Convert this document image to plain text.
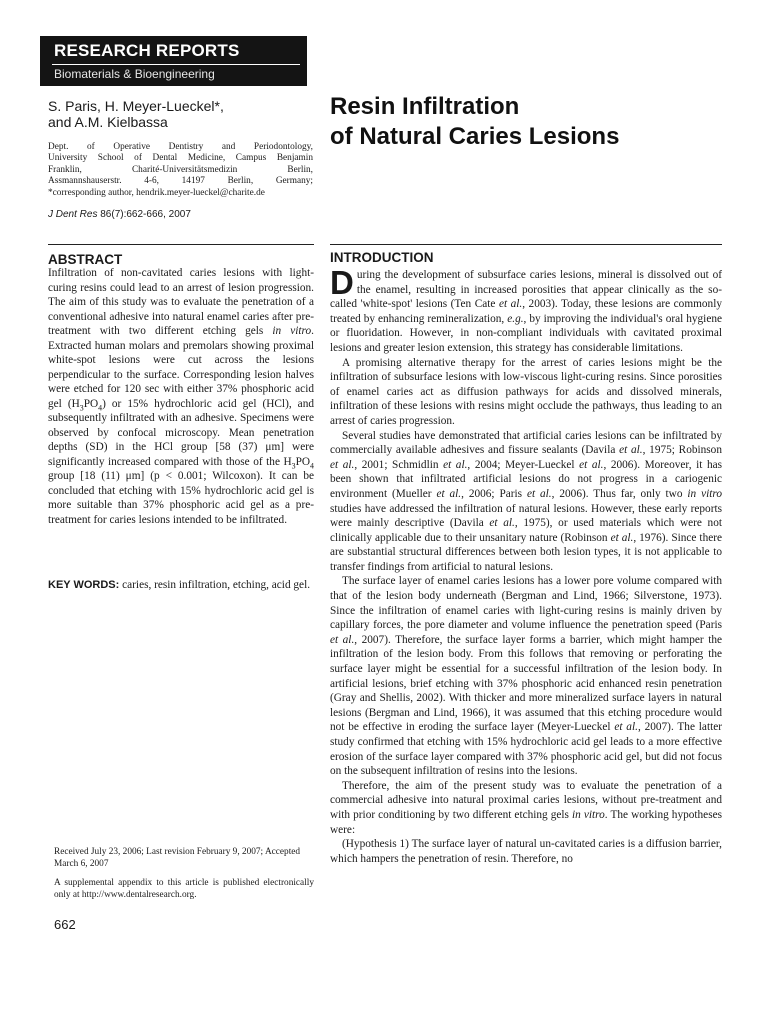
RESEARCH REPORTS
Biomaterials & Bioengineering
S. Paris, H. Meyer-Lueckel*,
and A.M. Kielbassa
Dept. of Operative Dentistry and Periodontology,
University School of Dental Medicine, Campus Benjamin
Franklin, Charité-Universitätsmedizin Berlin,
Assmannshauserstr. 4-6, 14197 Berlin, Germany;
*corresponding author, hendrik.meyer-lueckel@charite.de
J Dent Res 86(7):662-666, 2007
Resin Infiltration
of Natural Caries Lesions
ABSTRACT
Infiltration of non-cavitated caries lesions with light-curing resins could lead to an arrest of lesion progression. The aim of this study was to evaluate the penetration of a conventional adhesive into natural enamel caries after pre-treatment with two different etching gels in vitro. Extracted human molars and premolars showing proximal white-spot lesions were cut across the lesions perpendicular to the surface. Corresponding lesion halves were etched for 120 sec with either 37% phosphoric acid gel $(H_3PO_4)$ or 15% hydrochloric acid gel (HCl), and subsequently infiltrated with an adhesive. Specimens were observed by confocal microscopy. Mean penetration depths (SD) in the HCl group [58 (37) μm] were significantly increased compared with those of the $H_3PO_4$ group [18 (11) μm] (p < 0.001; Wilcoxon). It can be concluded that etching with 15% hydrochloric acid gel is more suitable than 37% phosphoric acid gel as a pre-treatment for caries lesions intended to be infiltrated.
KEY WORDS: caries, resin infiltration, etching, acid gel.
INTRODUCTION

During the development of subsurface caries lesions, mineral is dissolved out of the enamel, resulting in increased porosities that appear clinically as the so-called 'white-spot' lesions (Ten Cate et al., 2003). Today, these lesions are commonly treated by enhancing remineralization, e.g., by improving the individual's oral hygiene or fluoridation. However, in non-compliant individuals with cavitated proximal lesions and greater lesion extension, this strategy has considerable limitations.

A promising alternative therapy for the arrest of caries lesions might be the infiltration of subsurface lesions with low-viscous light-curing resins. Since porosities of enamel caries act as diffusion pathways for acids and dissolved minerals, infiltration of these lesions with resins might occlude the pathways, thus leading to an arrest of caries progression.

Several studies have demonstrated that artificial caries lesions can be infiltrated by commercially available adhesives and fissure sealants (Davila et al., 1975; Robinson et al., 2001; Schmidlin et al., 2004; Meyer-Lueckel et al., 2006). Moreover, it has been shown that infiltrated artificial lesions do not progress in a cariogenic environment (Mueller et al., 2006; Paris et al., 2006). Thus far, only two in vitro studies have addressed the infiltration of natural lesions. However, these early reports were mainly descriptive (Davila et al., 1975), or used materials which were not clinically applicable due to their unsanitary nature (Robinson et al., 1976). Since there are substantial structural differences between both lesion types, it is not applicable to transfer findings from artificial to natural lesions.

The surface layer of enamel caries lesions has a lower pore volume compared with that of the lesion body underneath (Bergman and Lind, 1966; Silverstone, 1973). Since the infiltration of enamel caries with light-curing resins is mainly driven by capillary forces, the pore diameter and volume influence the penetration speed (Paris et al., 2007). Therefore, the surface layer forms a barrier, which might hamper the infiltration of the lesion body. From this follows that removing or perforating the surface layer might be essential for a successful infiltration of the lesion body. In artificial lesions, brief etching with 37% phosphoric acid enhanced resin penetration (Gray and Shellis, 2002). With thicker and more mineralized surface layers in natural lesions (Bergman and Lind, 1966), it was assumed that this etching procedure would not be effective in eroding the surface layer (Meyer-Lueckel et al., 2007). The latter study confirmed that etching with 15% hydrochloric acid gel leads to a more effective erosion of the surface layer compared with 37% phosphoric acid gel, but did not focus on the subsequent infiltration of resins into the lesions.

Therefore, the aim of the present study was to evaluate the penetration of a commercial adhesive into natural proximal caries lesions, without pre-treatment and with prior conditioning by two different etching gels in vitro. The working hypotheses were:

(Hypothesis 1) The surface layer of natural un-cavitated caries is a diffusion barrier, which hampers the penetration of resin. Therefore, no

Received July 23, 2006; Last revision February 9, 2007; Accepted March 6, 2007
A supplemental appendix to this article is published electronically only at http://www.dentalresearch.org.
662
